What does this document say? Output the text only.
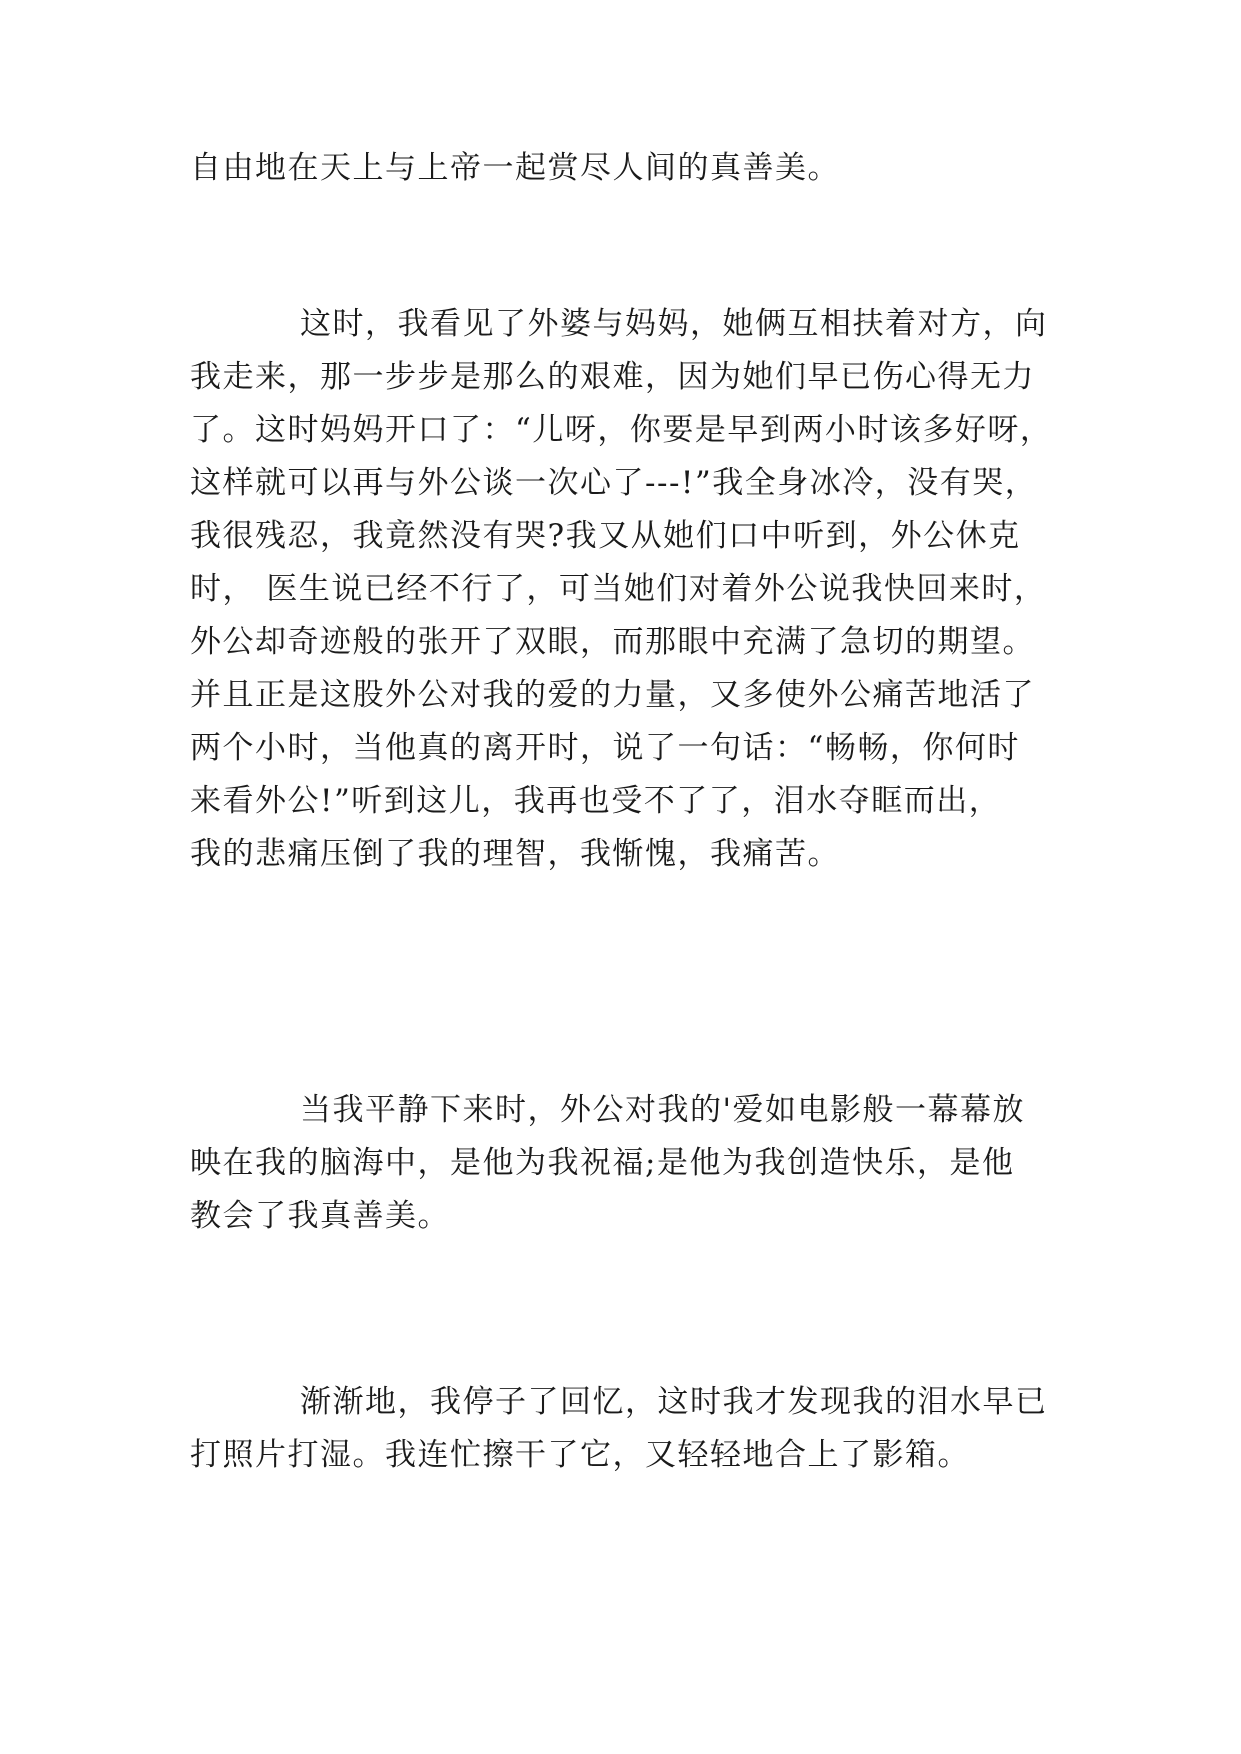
自由地在天上与上帝一起赏尽人间的真善美。

这时，我看见了外婆与妈妈，她俩互相扶着对方，向

我走来，那一步步是那么的艰难，因为她们早已伤心得无力

了。这时妈妈开口了：“儿呀，你要是早到两小时该多好呀，

这样就可以再与外公谈一次心了---!”我全身冰冷，没有哭，

我很残忍，我竟然没有哭?我又从她们口中听到，外公休克

时， 医生说已经不行了，可当她们对着外公说我快回来时，

外公却奇迹般的张开了双眼，而那眼中充满了急切的期望。

并且正是这股外公对我的爱的力量，又多使外公痛苦地活了

两个小时，当他真的离开时，说了一句话：“畅畅，你何时

来看外公!”听到这儿，我再也受不了了，泪水夺眶而出，

我的悲痛压倒了我的理智，我惭愧，我痛苦。

当我平静下来时，外公对我的'爱如电影般一幕幕放

映在我的脑海中，是他为我祝福;是他为我创造快乐，是他

教会了我真善美。

渐渐地，我停子了回忆，这时我才发现我的泪水早已

打照片打湿。我连忙擦干了它，又轻轻地合上了影箱。
